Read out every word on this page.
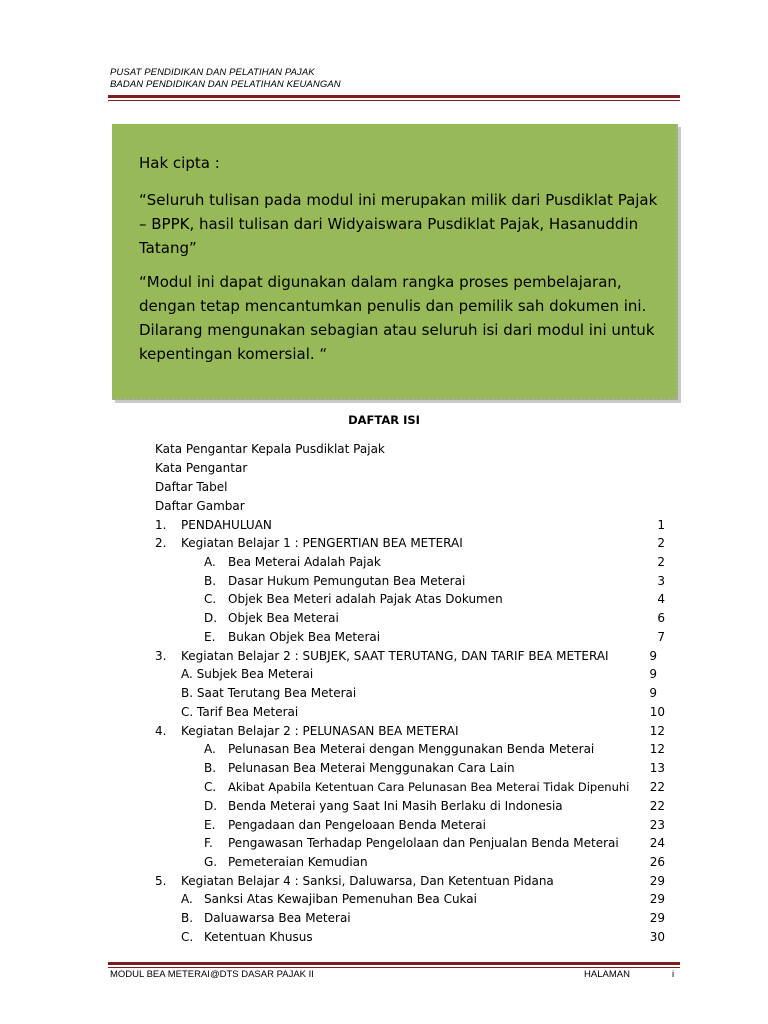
PUSAT PENDIDIKAN DAN PELATIHAN PAJAK
BADAN PENDIDIKAN DAN PELATIHAN KEUANGAN
Hak cipta :

“Seluruh tulisan pada modul ini merupakan milik dari Pusdiklat Pajak – BPPK, hasil tulisan dari Widyaiswara Pusdiklat Pajak, Hasanuddin Tatang”

“Modul ini dapat digunakan dalam rangka proses pembelajaran, dengan tetap mencantumkan penulis dan pemilik sah dokumen ini. Dilarang mengunakan sebagian atau seluruh isi dari modul ini untuk kepentingan komersial. “

DAFTAR ISI
Kata Pengantar Kepala Pusdiklat Pajak
Kata Pengantar
Daftar Tabel
Daftar Gambar
1. PENDAHULUAN	1
2. Kegiatan Belajar 1 : PENGERTIAN BEA METERAI	2
A. Bea Meterai Adalah Pajak	2
B. Dasar Hukum Pemungutan Bea Meterai	3
C. Objek Bea Meteri adalah Pajak Atas Dokumen	4
D. Objek Bea Meterai	6
E. Bukan Objek Bea Meterai	7
3. Kegiatan Belajar 2 : SUBJEK, SAAT TERUTANG, DAN TARIF BEA METERAI	9
A. Subjek Bea Meterai	9
B. Saat Terutang Bea Meterai	9
C. Tarif Bea Meterai	10
4. Kegiatan Belajar 2 : PELUNASAN BEA METERAI	12
A. Pelunasan Bea Meterai dengan Menggunakan Benda Meterai	12
B. Pelunasan Bea Meterai Menggunakan Cara Lain	13
C. Akibat Apabila Ketentuan Cara Pelunasan Bea Meterai Tidak Dipenuhi	22
D. Benda Meterai yang Saat Ini Masih Berlaku di Indonesia	22
E. Pengadaan dan Pengeloaan Benda Meterai	23
F. Pengawasan Terhadap Pengelolaan dan Penjualan Benda Meterai	24
G. Pemeteraian Kemudian	26
5. Kegiatan Belajar 4 : Sanksi, Daluwarsa, Dan Ketentuan Pidana	29
A. Sanksi Atas Kewajiban Pemenuhan Bea Cukai	29
B. Daluawarsa Bea Meterai	29
C. Ketentuan Khusus	30
MODUL BEA METERAI@DTS DASAR PAJAK II	HALAMAN	i
